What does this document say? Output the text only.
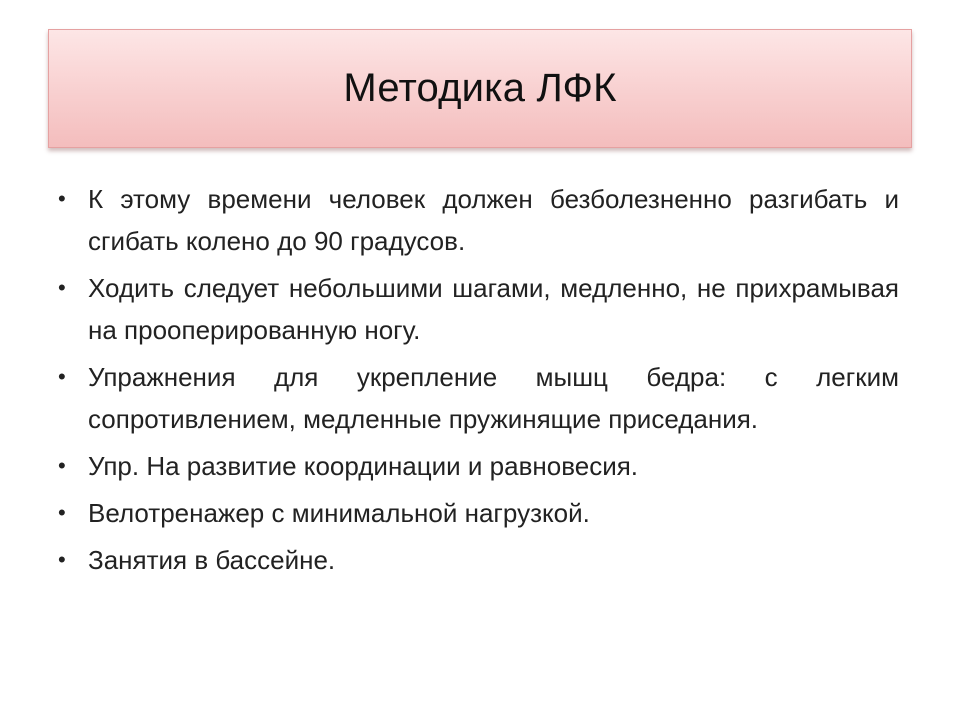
Методика ЛФК
• К этому времени человек должен безболезненно разгибать и сгибать колено до 90 градусов.
• Ходить следует небольшими шагами, медленно, не прихрамывая на прооперированную ногу.
• Упражнения для укрепление мышц бедра: с легким сопротивлением, медленные пружинящие приседания.
• Упр. На развитие координации и равновесия.
• Велотренажер с минимальной нагрузкой.
• Занятия в бассейне.
